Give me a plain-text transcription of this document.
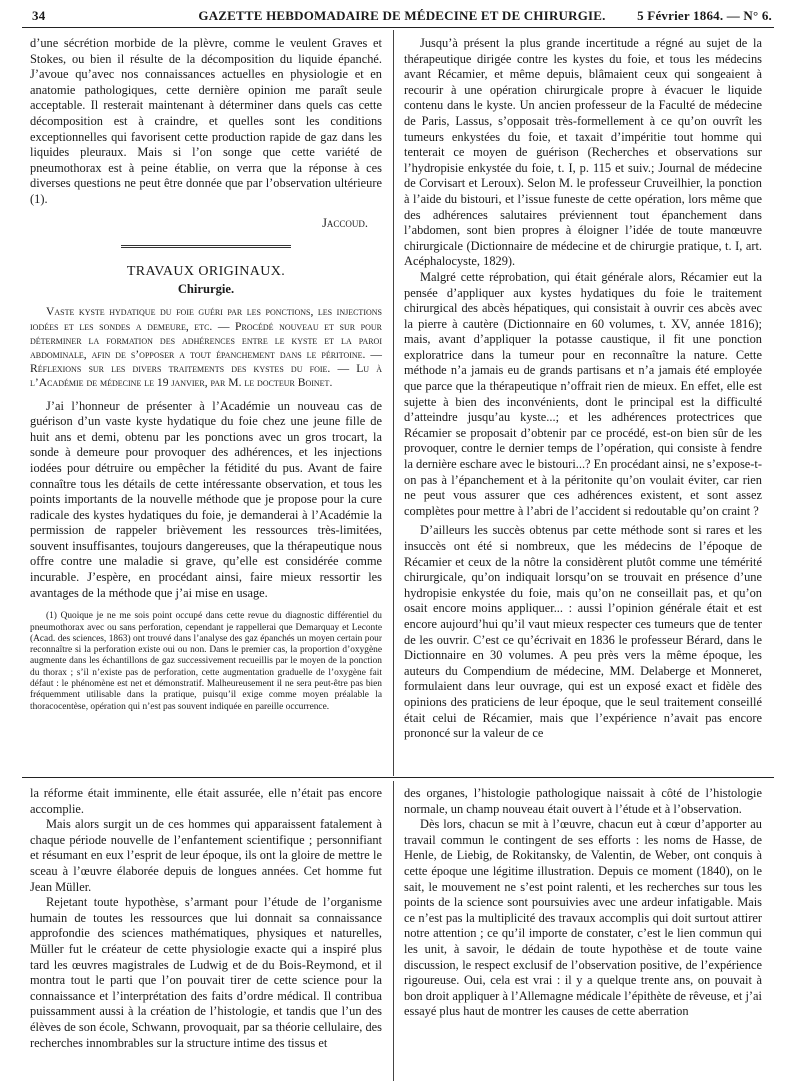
34	GAZETTE HEBDOMADAIRE DE MÉDECINE ET DE CHIRURGIE.	5 Février 1864. — N° 6.

d’une sécrétion morbide de la plèvre, comme le veulent Graves et Stokes, ou bien il résulte de la décomposition du liquide épanché. J’avoue qu’avec nos connaissances actuelles en physiologie et en anatomie pathologiques, cette dernière opinion me paraît seule acceptable. Il resterait maintenant à déterminer dans quels cas cette décomposition est à craindre, et quelles sont les conditions exceptionnelles qui favorisent cette production rapide de gaz dans les liquides pleuraux. Mais si l’on songe que cette variété de pneumothorax est à peine établie, on verra que la réponse à ces diverses questions ne peut être donnée que par l’observation ultérieure (1).

Jaccoud.

TRAVAUX ORIGINAUX.
Chirurgie.

Vaste kyste hydatique du foie guéri par les ponctions, les injections iodées et les sondes a demeure, etc. — Procédé nouveau et sur pour déterminer la formation des adhérences entre le kyste et la paroi abdominale, afin de s’opposer a tout épanchement dans le péritoine. — Réflexions sur les divers traitements des kystes du foie. — Lu à l’Académie de médecine le 19 janvier, par M. le docteur Boinet.

J’ai l’honneur de présenter à l’Académie un nouveau cas de guérison d’un vaste kyste hydatique du foie chez une jeune fille de huit ans et demi, obtenu par les ponctions avec un gros trocart, la sonde à demeure pour provoquer des adhérences, et les injections iodées pour détruire ou empêcher la fétidité du pus. Avant de faire connaître tous les détails de cette intéressante observation, et tous les points importants de la nouvelle méthode que je propose pour la cure radicale des kystes hydatiques du foie, je demanderai à l’Académie la permission de rappeler brièvement les ressources très-limitées, souvent insuffisantes, toujours dangereuses, que la thérapeutique nous offre contre une maladie si grave, qu’elle est considérée comme incurable. J’espère, en procédant ainsi, faire mieux ressortir les avantages de la méthode que j’ai mise en usage.

(1) Quoique je ne me sois point occupé dans cette revue du diagnostic différentiel du pneumothorax avec ou sans perforation, cependant je rappellerai que Demarquay et Leconte (Acad. des sciences, 1863) ont trouvé dans l’analyse des gaz épanchés un moyen certain pour reconnaître si la perforation existe oui ou non. Dans le premier cas, la proportion d’oxygène augmente dans les échantillons de gaz successivement recueillis par le moyen de la ponction du thorax ; s’il n’existe pas de perforation, cette augmentation graduelle de l’oxygène fait défaut : le phénomène est net et démonstratif. Malheureusement il ne sera peut-être pas bien fréquemment utilisable dans la pratique, puisqu’il exige comme moyen préalable la thoracocentèse, opération qui n’est pas souvent indiquée en pareille occurrence.

Jusqu’à présent la plus grande incertitude a régné au sujet de la thérapeutique dirigée contre les kystes du foie, et tous les médecins avant Récamier, et même depuis, blâmaient ceux qui songeaient à recourir à une opération chirurgicale propre à évacuer le liquide contenu dans le kyste. Un ancien professeur de la Faculté de médecine de Paris, Lassus, s’opposait très-formellement à ce qu’on ouvrît les tumeurs enkystées du foie, et taxait d’impéritie tout homme qui tenterait ce moyen de guérison (Recherches et observations sur l’hydropisie enkystée du foie, t. I, p. 115 et suiv.; Journal de médecine de Corvisart et Leroux). Selon M. le professeur Cruveilhier, la ponction à l’aide du bistouri, et l’issue funeste de cette opération, lors même que des adhérences salutaires préviennent tout épanchement dans l’abdomen, sont bien propres à éloigner l’idée de toute manœuvre chirurgicale (Dictionnaire de médecine et de chirurgie pratique, t. I, art. Acéphalocyste, 1829).

Malgré cette réprobation, qui était générale alors, Récamier eut la pensée d’appliquer aux kystes hydatiques du foie le traitement chirurgical des abcès hépatiques, qui consistait à ouvrir ces abcès avec la pierre à cautère (Dictionnaire en 60 volumes, t. XV, année 1816); mais, avant d’appliquer la potasse caustique, il fit une ponction exploratrice dans la tumeur pour en reconnaître la nature. Cette méthode n’a jamais eu de grands partisans et n’a jamais été employée que parce que la thérapeutique n’offrait rien de mieux. En effet, elle est sujette à bien des inconvénients, dont le principal est la difficulté d’atteindre jusqu’au kyste...; et les adhérences protectrices que Récamier se proposait d’obtenir par ce procédé, est-on bien sûr de les provoquer, contre le dernier temps de l’opération, qui consiste à fendre la dernière eschare avec le bistouri...? En procédant ainsi, ne s’expose-t-on pas à l’épanchement et à la péritonite qu’on voulait éviter, car rien ne peut vous assurer que ces adhérences existent, et sont assez complètes pour mettre à l’abri de l’accident si redoutable qu’on craint ?

D’ailleurs les succès obtenus par cette méthode sont si rares et les insuccès ont été si nombreux, que les médecins de l’époque de Récamier et ceux de la nôtre la considèrent plutôt comme une témérité chirurgicale, qu’on indiquait lorsqu’on se trouvait en présence d’une hydropisie enkystée du foie, mais qu’on ne conseillait pas, et qu’on osait encore moins appliquer... : aussi l’opinion générale était et est encore aujourd’hui qu’il vaut mieux respecter ces tumeurs que de tenter de les ouvrir. C’est ce qu’écrivait en 1836 le professeur Bérard, dans le Dictionnaire en 30 volumes. A peu près vers la même époque, les auteurs du Compendium de médecine, MM. Delaberge et Monneret, formulaient dans leur ouvrage, qui est un exposé exact et fidèle des opinions des praticiens de leur époque, que le seul traitement conseillé était celui de Récamier, mais que l’expérience n’avait pas encore prononcé sur la valeur de ce

la réforme était imminente, elle était assurée, elle n’était pas encore accomplie.

Mais alors surgit un de ces hommes qui apparaissent fatalement à chaque période nouvelle de l’enfantement scientifique ; personnifiant et résumant en eux l’esprit de leur époque, ils ont la gloire de mettre le sceau à l’œuvre élaborée depuis de longues années. Cet homme fut Jean Müller.

Rejetant toute hypothèse, s’armant pour l’étude de l’organisme humain de toutes les ressources que lui donnait sa connaissance approfondie des sciences mathématiques, physiques et naturelles, Müller fut le créateur de cette physiologie exacte qui a inspiré plus tard les œuvres magistrales de Ludwig et de du Bois-Reymond, et il montra tout le parti que l’on pouvait tirer de cette science pour la connaissance et l’interprétation des faits d’ordre médical. Il contribua puissamment aussi à la création de l’histologie, et tandis que l’un des élèves de son école, Schwann, provoquait, par sa théorie cellulaire, des recherches innombrables sur la structure intime des tissus et

des organes, l’histologie pathologique naissait à côté de l’histologie normale, un champ nouveau était ouvert à l’étude et à l’observation.

Dès lors, chacun se mit à l’œuvre, chacun eut à cœur d’apporter au travail commun le contingent de ses efforts : les noms de Hasse, de Henle, de Liebig, de Rokitansky, de Valentin, de Weber, ont conquis à cette époque une légitime illustration. Depuis ce moment (1840), on le sait, le mouvement ne s’est point ralenti, et les recherches sur tous les points de la science sont poursuivies avec une ardeur infatigable. Mais ce n’est pas la multiplicité des travaux accomplis qui doit surtout attirer notre attention ; ce qu’il importe de constater, c’est le lien commun qui les unit, à savoir, le dédain de toute hypothèse et de toute vaine discussion, le respect exclusif de l’observation positive, de l’expérience rigoureuse. Oui, cela est vrai : il y a quelque trente ans, on pouvait à bon droit appliquer à l’Allemagne médicale l’épithète de rêveuse, et j’ai essayé plus haut de montrer les causes de cette aberration
